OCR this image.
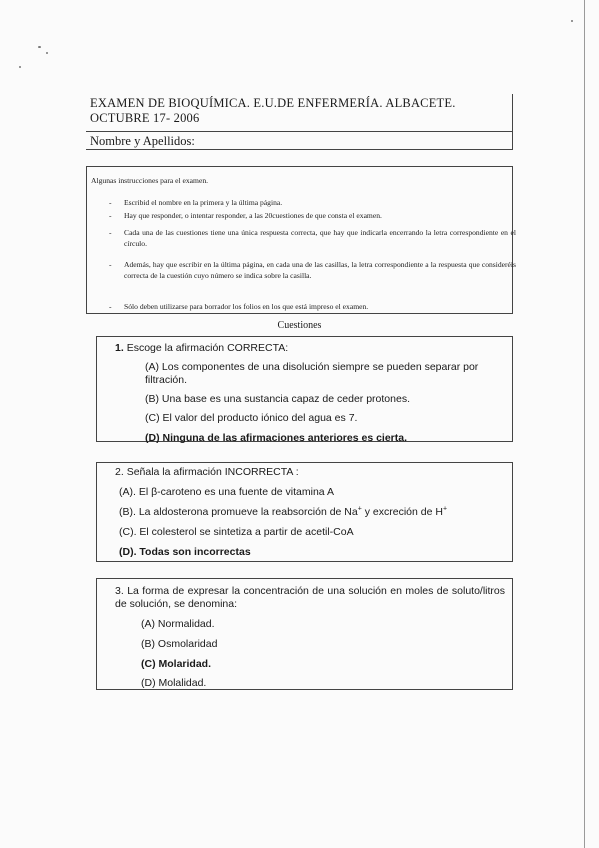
EXAMEN DE BIOQUÍMICA. E.U.DE ENFERMERÍA. ALBACETE. OCTUBRE 17- 2006
Nombre y Apellidos:
Algunas instrucciones para el examen.
- Escribid el nombre en la primera y la última página.
- Hay que responder, o intentar responder, a las 20cuestiones de que consta el examen.
- Cada una de las cuestiones tiene una única respuesta correcta, que hay que indicarla encerrando la letra correspondiente en el círculo.
- Además, hay que escribir en la última página, en cada una de las casillas, la letra correspondiente a la respuesta que consideréis correcta de la cuestión cuyo número se indica sobre la casilla.
- Sólo deben utilizarse para borrador los folios en los que está impreso el examen.
Cuestiones
1. Escoge la afirmación CORRECTA:
(A) Los componentes de una disolución siempre se pueden separar por filtración.
(B) Una base es una sustancia capaz de ceder protones.
(C) El valor del producto iónico del agua es 7.
(D) Ninguna de las afirmaciones anteriores es cierta.
2. Señala la afirmación INCORRECTA :
(A). El β-caroteno es una fuente de vitamina A
(B). La aldosterona promueve la reabsorción de Na+ y excreción de H+
(C). El colesterol se sintetiza a partir de acetil-CoA
(D). Todas son incorrectas
3. La forma de expresar la concentración de una solución en moles de soluto/litros de solución, se denomina:
(A) Normalidad.
(B) Osmolaridad
(C) Molaridad.
(D) Molalidad.
